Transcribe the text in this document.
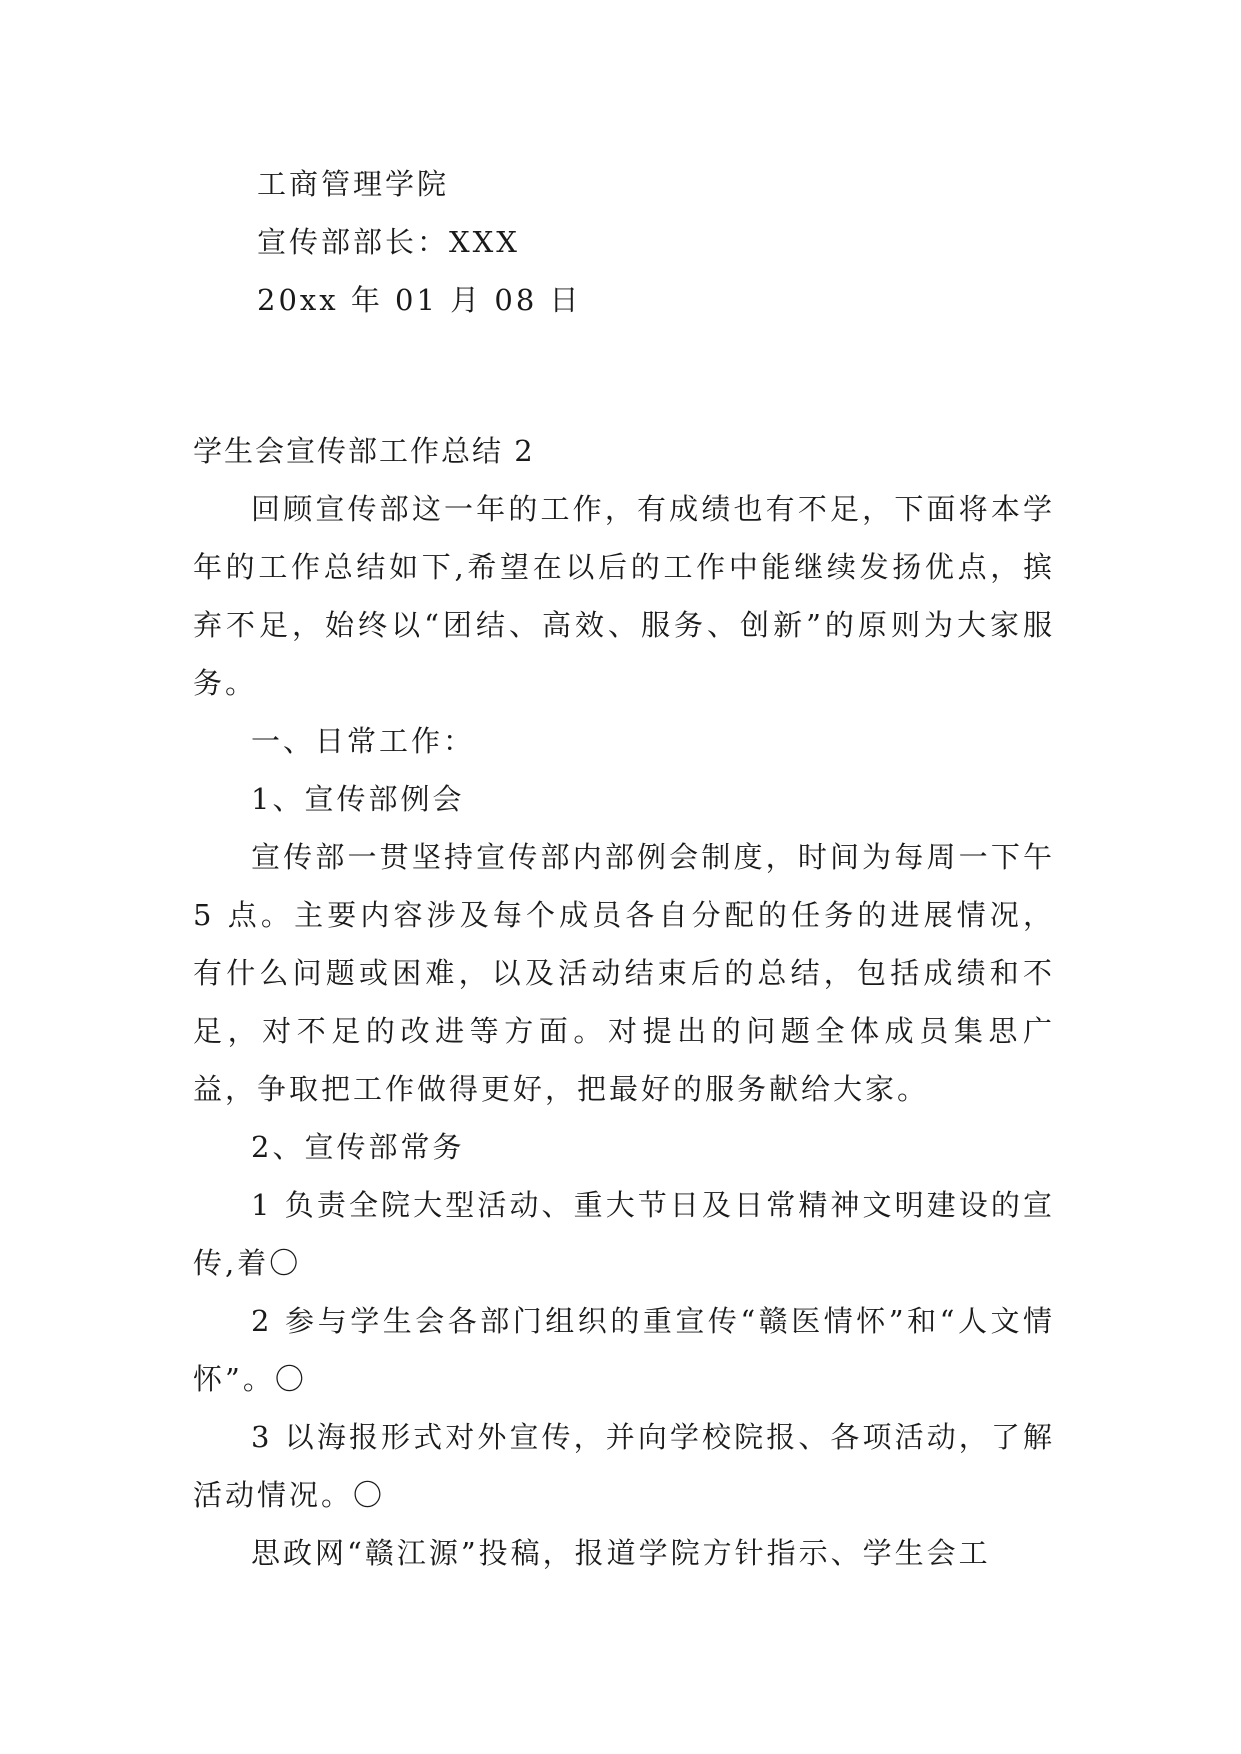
工商管理学院

宣传部部长：XXX

20xx 年 01 月 08 日

学生会宣传部工作总结 2

回顾宣传部这一年的工作，有成绩也有不足，下面将本学年的工作总结如下,希望在以后的工作中能继续发扬优点，摈弃不足，始终以“团结、高效、服务、创新”的原则为大家服务。

一、日常工作：

1、宣传部例会

宣传部一贯坚持宣传部内部例会制度，时间为每周一下午 5 点。主要内容涉及每个成员各自分配的任务的进展情况，有什么问题或困难，以及活动结束后的总结，包括成绩和不足，对不足的改进等方面。对提出的问题全体成员集思广益，争取把工作做得更好，把最好的服务献给大家。

2、宣传部常务

1 负责全院大型活动、重大节日及日常精神文明建设的宣传,着〇

2 参与学生会各部门组织的重宣传“赣医情怀”和“人文情怀”。〇

3 以海报形式对外宣传，并向学校院报、各项活动，了解活动情况。〇

思政网“赣江源”投稿，报道学院方针指示、学生会工
